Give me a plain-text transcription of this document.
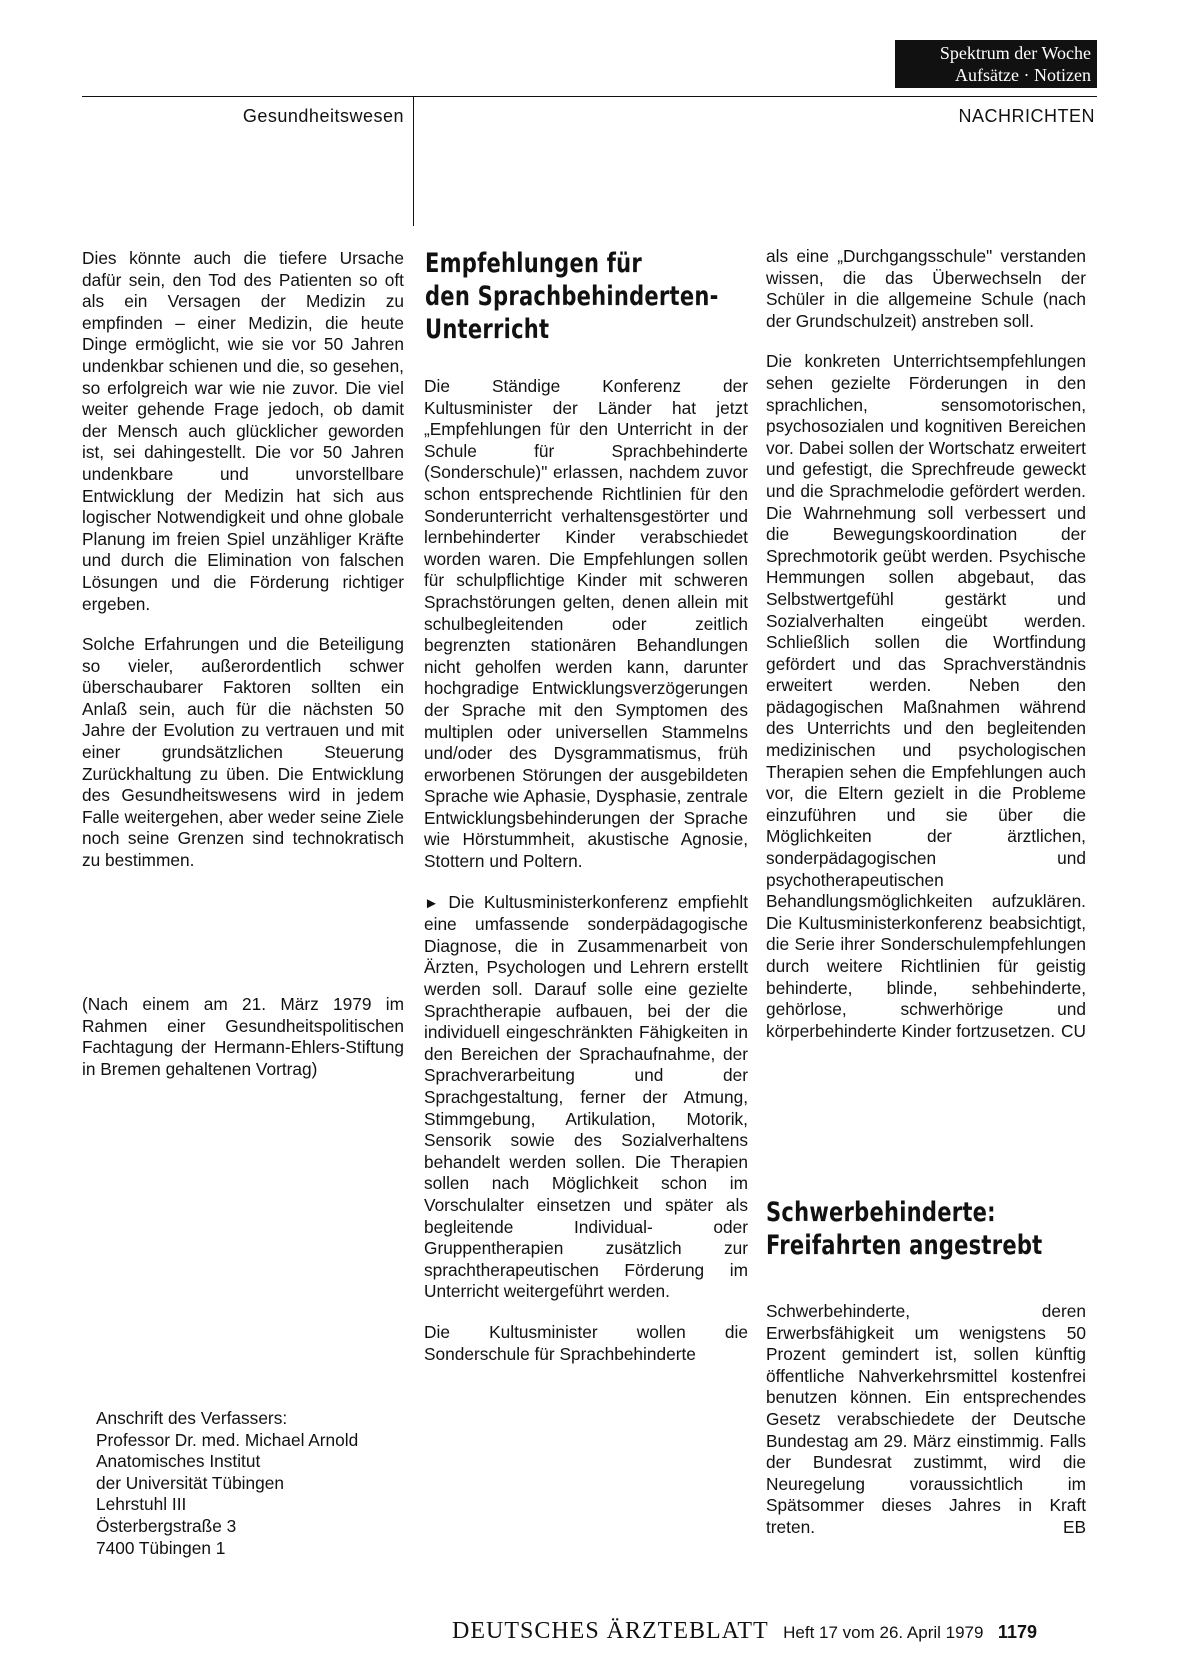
Spektrum der Woche
Aufsätze · Notizen
Gesundheitswesen	NACHRICHTEN

Dies könnte auch die tiefere Ursache dafür sein, den Tod des Patienten so oft als ein Versagen der Medizin zu empfinden – einer Medizin, die heute Dinge ermöglicht, wie sie vor 50 Jahren undenkbar schienen und die, so gesehen, so erfolgreich war wie nie zuvor. Die viel weiter gehende Frage jedoch, ob damit der Mensch auch glücklicher geworden ist, sei dahingestellt. Die vor 50 Jahren undenkbare und unvorstellbare Entwicklung der Medizin hat sich aus logischer Notwendigkeit und ohne globale Planung im freien Spiel unzähliger Kräfte und durch die Elimination von falschen Lösungen und die Förderung richtiger ergeben.

Solche Erfahrungen und die Beteiligung so vieler, außerordentlich schwer überschaubarer Faktoren sollten ein Anlaß sein, auch für die nächsten 50 Jahre der Evolution zu vertrauen und mit einer grundsätzlichen Steuerung Zurückhaltung zu üben. Die Entwicklung des Gesundheitswesens wird in jedem Falle weitergehen, aber weder seine Ziele noch seine Grenzen sind technokratisch zu bestimmen.

(Nach einem am 21. März 1979 im Rahmen einer Gesundheitspolitischen Fachtagung der Hermann-Ehlers-Stiftung in Bremen gehaltenen Vortrag)
Anschrift des Verfassers:
Professor Dr. med. Michael Arnold
Anatomisches Institut
der Universität Tübingen
Lehrstuhl III
Österbergstraße 3
7400 Tübingen 1
Empfehlungen für
den Sprachbehinderten-
Unterricht

Die Ständige Konferenz der Kultusminister der Länder hat jetzt „Empfehlungen für den Unterricht in der Schule für Sprachbehinderte (Sonderschule)" erlassen, nachdem zuvor schon entsprechende Richtlinien für den Sonderunterricht verhaltensgestörter und lernbehinderter Kinder verabschiedet worden waren. Die Empfehlungen sollen für schulpflichtige Kinder mit schweren Sprachstörungen gelten, denen allein mit schulbegleitenden oder zeitlich begrenzten stationären Behandlungen nicht geholfen werden kann, darunter hochgradige Entwicklungsverzögerungen der Sprache mit den Symptomen des multiplen oder universellen Stammelns und/oder des Dysgrammatismus, früh erworbenen Störungen der ausgebildeten Sprache wie Aphasie, Dysphasie, zentrale Entwicklungsbehinderungen der Sprache wie Hörstummheit, akustische Agnosie, Stottern und Poltern.

► Die Kultusministerkonferenz empfiehlt eine umfassende sonderpädagogische Diagnose, die in Zusammenarbeit von Ärzten, Psychologen und Lehrern erstellt werden soll. Darauf solle eine gezielte Sprachtherapie aufbauen, bei der die individuell eingeschränkten Fähigkeiten in den Bereichen der Sprachaufnahme, der Sprachverarbeitung und der Sprachgestaltung, ferner der Atmung, Stimmgebung, Artikulation, Motorik, Sensorik sowie des Sozialverhaltens behandelt werden sollen. Die Therapien sollen nach Möglichkeit schon im Vorschulalter einsetzen und später als begleitende Individual- oder Gruppentherapien zusätzlich zur sprachtherapeutischen Förderung im Unterricht weitergeführt werden.

Die Kultusminister wollen die Sonderschule für Sprachbehinderte

als eine „Durchgangsschule" verstanden wissen, die das Überwechseln der Schüler in die allgemeine Schule (nach der Grundschulzeit) anstreben soll.

Die konkreten Unterrichtsempfehlungen sehen gezielte Förderungen in den sprachlichen, sensomotorischen, psychosozialen und kognitiven Bereichen vor. Dabei sollen der Wortschatz erweitert und gefestigt, die Sprechfreude geweckt und die Sprachmelodie gefördert werden. Die Wahrnehmung soll verbessert und die Bewegungskoordination der Sprechmotorik geübt werden. Psychische Hemmungen sollen abgebaut, das Selbstwertgefühl gestärkt und Sozialverhalten eingeübt werden. Schließlich sollen die Wortfindung gefördert und das Sprachverständnis erweitert werden. Neben den pädagogischen Maßnahmen während des Unterrichts und den begleitenden medizinischen und psychologischen Therapien sehen die Empfehlungen auch vor, die Eltern gezielt in die Probleme einzuführen und sie über die Möglichkeiten der ärztlichen, sonderpädagogischen und psychotherapeutischen Behandlungsmöglichkeiten aufzuklären. Die Kultusministerkonferenz beabsichtigt, die Serie ihrer Sonderschulempfehlungen durch weitere Richtlinien für geistig behinderte, blinde, sehbehinderte, gehörlose, schwerhörige und körperbehinderte Kinder fortzusetzen. CU

Schwerbehinderte:
Freifahrten angestrebt

Schwerbehinderte, deren Erwerbsfähigkeit um wenigstens 50 Prozent gemindert ist, sollen künftig öffentliche Nahverkehrsmittel kostenfrei benutzen können. Ein entsprechendes Gesetz verabschiedete der Deutsche Bundestag am 29. März einstimmig. Falls der Bundesrat zustimmt, wird die Neuregelung voraussichtlich im Spätsommer dieses Jahres in Kraft treten.	EB

DEUTSCHES ÄRZTEBLATT Heft 17 vom 26. April 1979 1179
